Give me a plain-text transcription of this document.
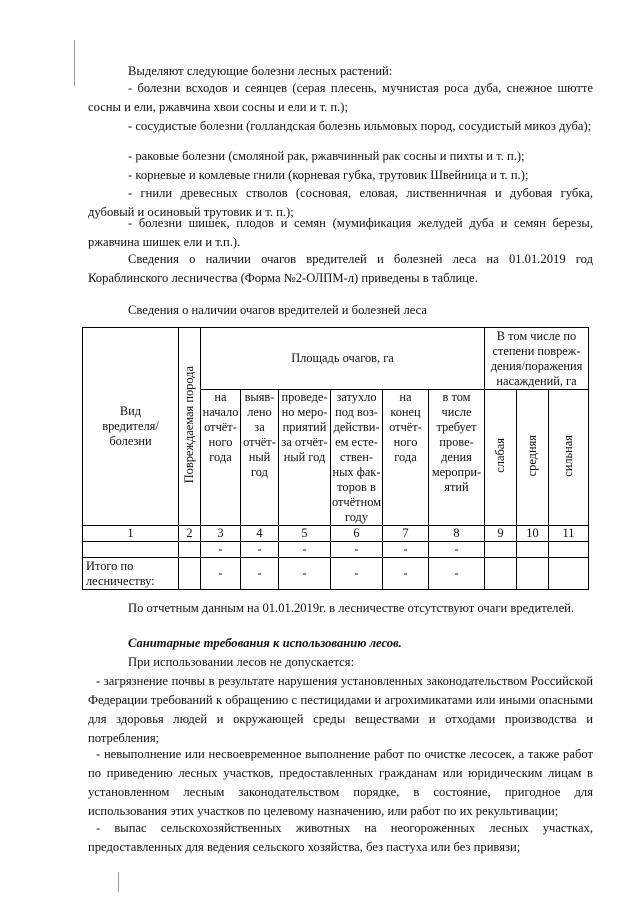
Выделяют следующие болезни лесных растений:

- болезни всходов и сеянцев (серая плесень, мучнистая роса дуба, снежное шютте сосны и ели, ржавчина хвои сосны и ели и т. п.);

- сосудистые болезни (голландская болезнь ильмовых пород, сосудистый микоз дуба);

- раковые болезни (смоляной рак, ржавчинный рак сосны и пихты и т. п.);

- корневые и комлевые гнили (корневая губка, трутовик Швейница и т. п.);

- гнили древесных стволов (сосновая, еловая, лиственничная и дубовая губка, дубовый и осиновый трутовик и т. п.);

- болезни шишек, плодов и семян (мумификация желудей дуба и семян березы, ржавчина шишек ели и т.п.).

Сведения о наличии очагов вредителей и болезней леса на 01.01.2019 год Кораблинского лесничества (Форма №2-ОЛПМ-л) приведены в таблице.

Сведения о наличии очагов вредителей и болезней леса
Вид вредителя/ болезни	Повреждаемая порода	Площадь очагов, га						В том числе по степени повреж-дения/поражения насаждений, га		
		на начало отчёт-ного года	выяв-лено за отчёт-ный год	проведе-но меро-приятий за отчёт-ный год	затухло под воз-действи-ем есте-ствен-ных фак-торов в отчётном году	на конец отчёт-ного года	в том числе требует прове-дения меропри-ятий	слабая	средняя	сильная
1	2	3	4	5	6	7	8	9	10	11
		-	-	-	-	-	-			
Итого по лесничеству:		-	-	-	-	-	-			
По отчетным данным на 01.01.2019г. в лесничестве отсутствуют очаги вредителей.
Санитарные требования к использованию лесов.
При использовании лесов не допускается:

- загрязнение почвы в результате нарушения установленных законодательством Российской Федерации требований к обращению с пестицидами и агрохимикатами или иными опасными для здоровья людей и окружающей среды веществами и отходами производства и потребления;

- невыполнение или несвоевременное выполнение работ по очистке лесосек, а также работ по приведению лесных участков, предоставленных гражданам или юридическим лицам в установленном лесным законодательством порядке, в состояние, пригодное для использования этих участков по целевому назначению, или работ по их рекультивации;

- выпас сельскохозяйственных животных на неогороженных лесных участках, предоставленных для ведения сельского хозяйства, без пастуха или без привязи;
